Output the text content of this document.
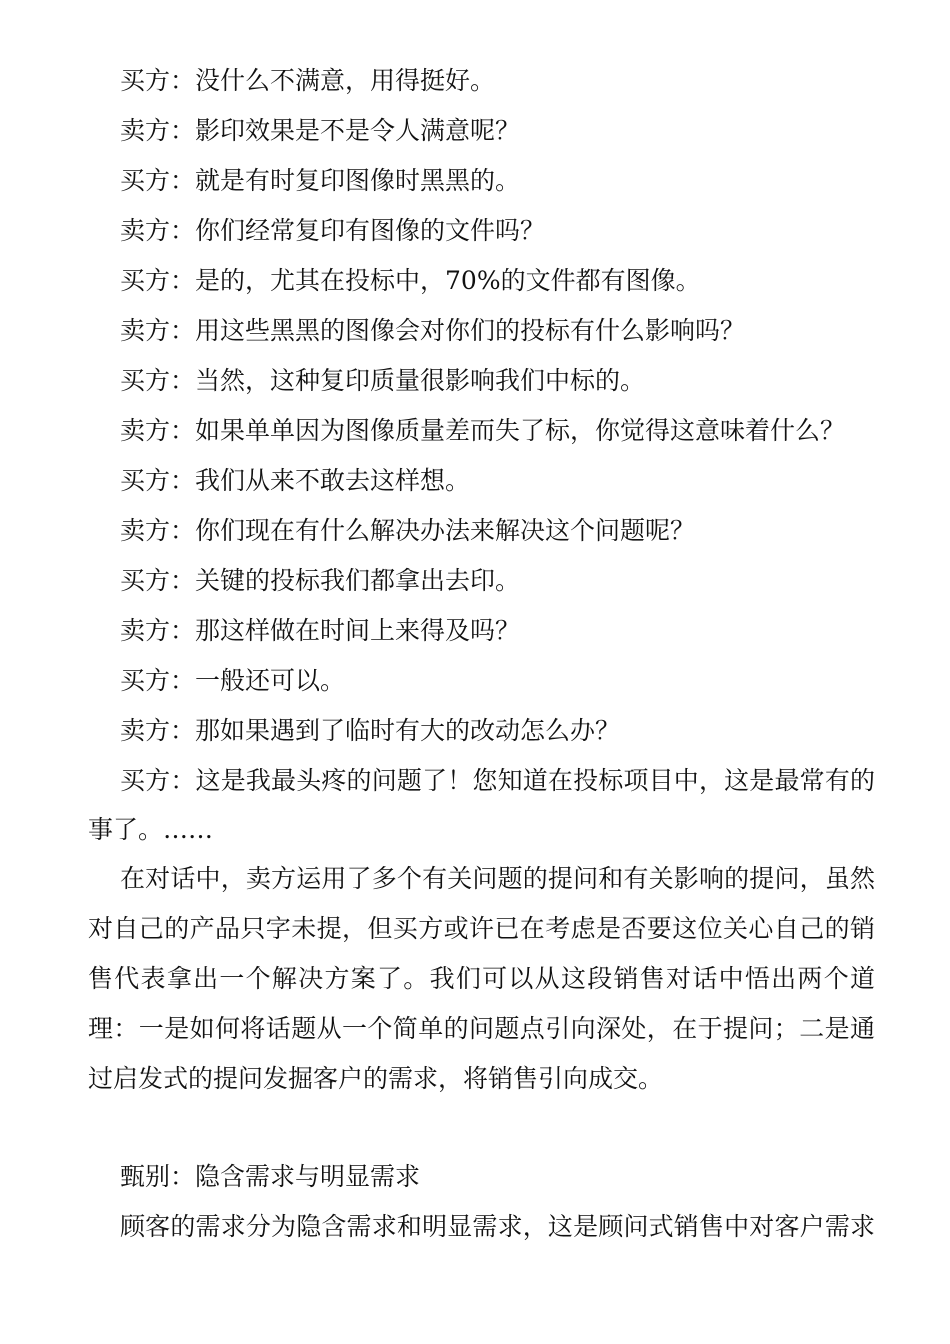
买方：没什么不满意，用得挺好。
卖方：影印效果是不是令人满意呢？
买方：就是有时复印图像时黑黑的。
卖方：你们经常复印有图像的文件吗？
买方：是的，尤其在投标中，70%的文件都有图像。
卖方：用这些黑黑的图像会对你们的投标有什么影响吗？
买方：当然，这种复印质量很影响我们中标的。
卖方：如果单单因为图像质量差而失了标，你觉得这意味着什么？
买方：我们从来不敢去这样想。
卖方：你们现在有什么解决办法来解决这个问题呢？
买方：关键的投标我们都拿出去印。
卖方：那这样做在时间上来得及吗？
买方：一般还可以。
卖方：那如果遇到了临时有大的改动怎么办？
买方：这是我最头疼的问题了！您知道在投标项目中，这是最常有的
事了。……
在对话中，卖方运用了多个有关问题的提问和有关影响的提问，虽然
对自己的产品只字未提，但买方或许已在考虑是否要这位关心自己的销
售代表拿出一个解决方案了。我们可以从这段销售对话中悟出两个道
理：一是如何将话题从一个简单的问题点引向深处，在于提问；二是通
过启发式的提问发掘客户的需求，将销售引向成交。
甄别：隐含需求与明显需求
顾客的需求分为隐含需求和明显需求，这是顾问式销售中对客户需求
